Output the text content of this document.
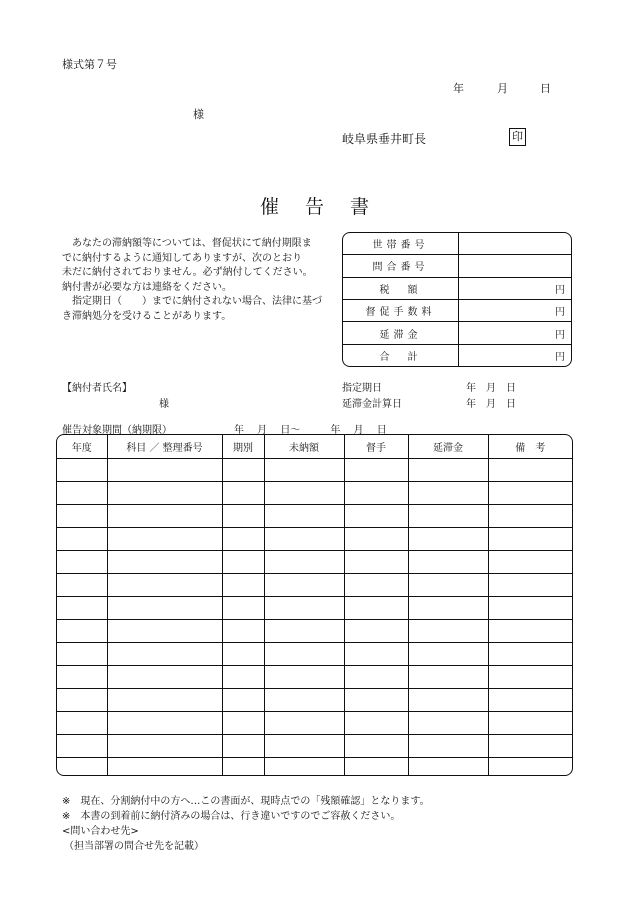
様式第７号
年	月	日
様
岐阜県垂井町長	印
催告書
あなたの滞納額等については、督促状にて納付期限ま
でに納付するように通知してありますが、次のとおり
未だに納付されておりません。必ず納付してください。
納付書が必要な方は連絡をください。
指定期日（　　）までに納付されない場合、法律に基づ
き滞納処分を受けることがあります。
世帯番号	
問合番号	
税　額	円
督促手数料	円
延滞金	円
合　計	円
【納付者氏名】
様
指定期日	年　月　日
延滞金計算日	年　月　日
催告対象期間（納期限）	年　 月　 日～　　　年　 月　 日
年度	科目 ／ 整理番号	期別	未納額	督手	延滞金	備　考

※　現在、分割納付中の方へ…この書面が、現時点での「残額確認」となります。
※　本書の到着前に納付済みの場合は、行き違いですのでご容赦ください。
<問い合わせ先>
（担当部署の問合せ先を記載）
